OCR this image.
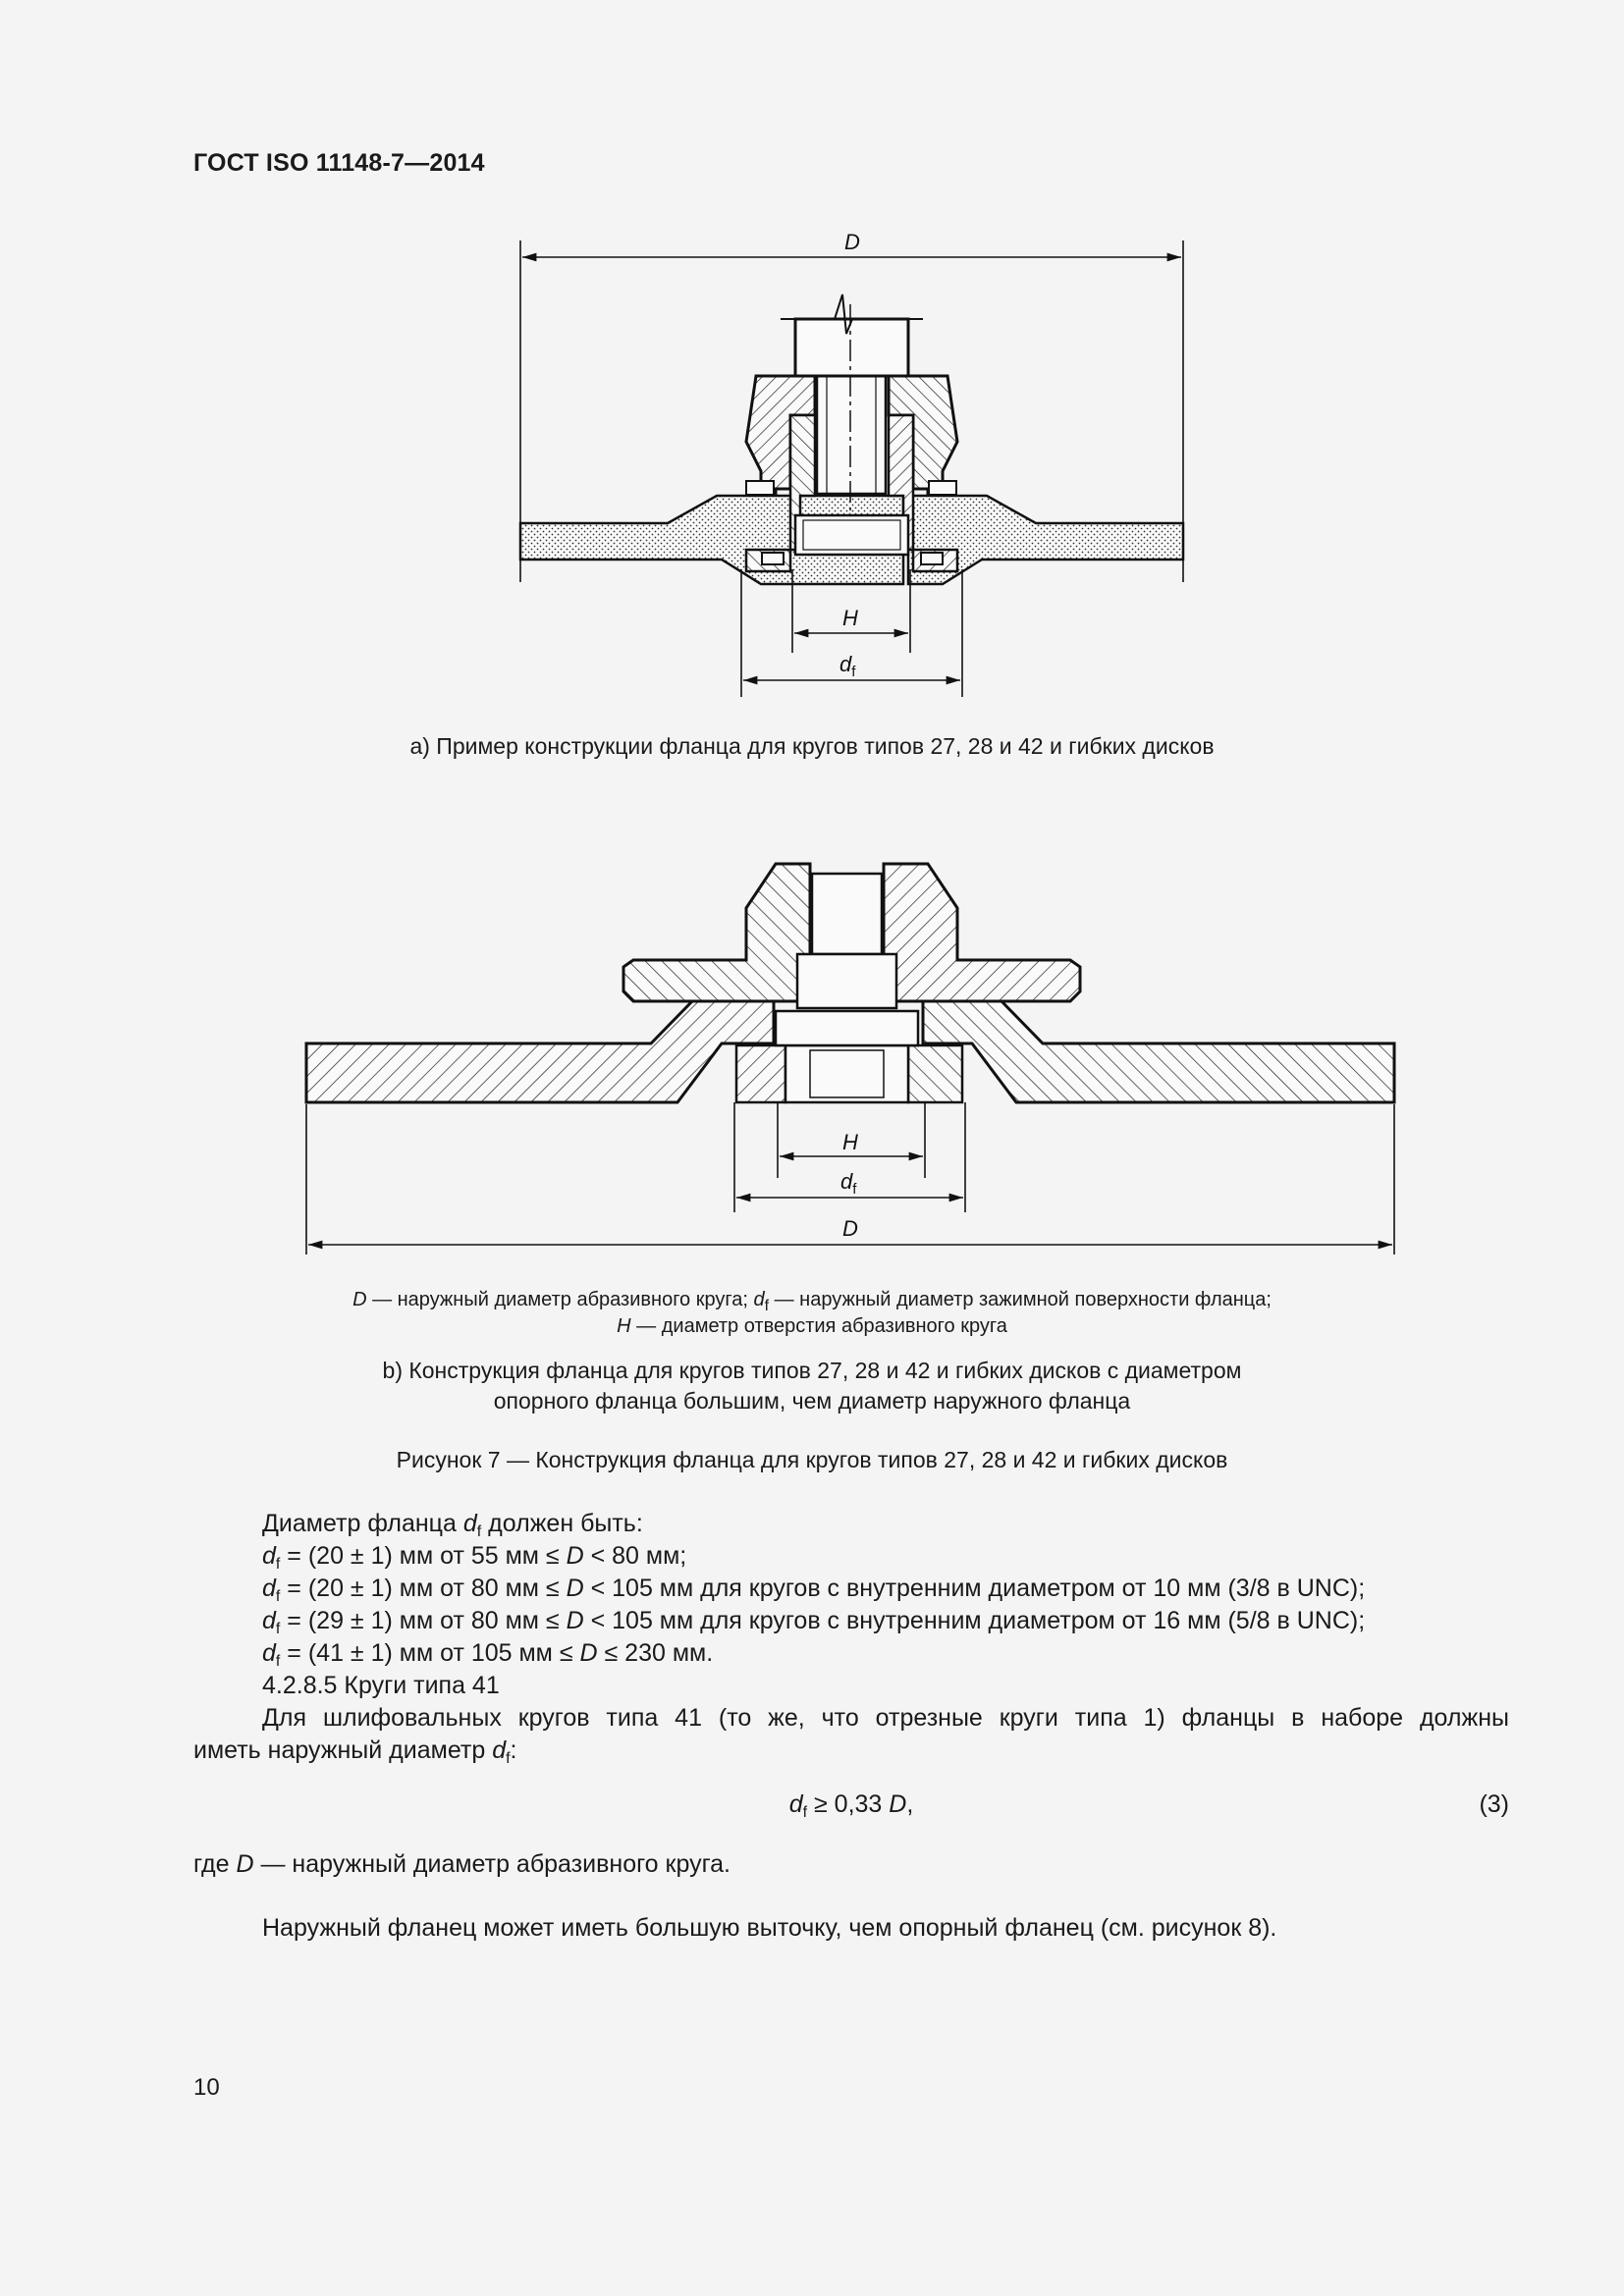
ГОСТ ISO 11148-7—2014
D
H
df
a) Пример конструкции фланца для кругов типов 27, 28 и 42 и гибких дисков
H
df
D
D — наружный диаметр абразивного круга; $d_f$ — наружный диаметр зажимной поверхности фланца;
H — диаметр отверстия абразивного круга
b) Конструкция фланца для кругов типов 27, 28 и 42 и гибких дисков с диаметром
опорного фланца большим, чем диаметр наружного фланца
Рисунок 7 — Конструкция фланца для кругов типов 27, 28 и 42 и гибких дисков
Диаметр фланца $d_f$ должен быть:
$d_f = (20 \pm 1)$ мм от 55 мм ≤ D < 80 мм;
$d_f = (20 \pm 1)$ мм от 80 мм ≤ D < 105 мм для кругов с внутренним диаметром от 10 мм (3/8 в UNC);
$d_f = (29 \pm 1)$ мм от 80 мм ≤ D < 105 мм для кругов с внутренним диаметром от 16 мм (5/8 в UNC);
$d_f = (41 \pm 1)$ мм от 105 мм ≤ D ≤ 230 мм.
4.2.8.5 Круги типа 41
Для шлифовальных кругов типа 41 (то же, что отрезные круги типа 1) фланцы в наборе должны
иметь наружный диаметр $d_f$:
$d_f \ge 0,33$ D,	(3)
где D — наружный диаметр абразивного круга.
Наружный фланец может иметь большую выточку, чем опорный фланец (см. рисунок 8).
10
